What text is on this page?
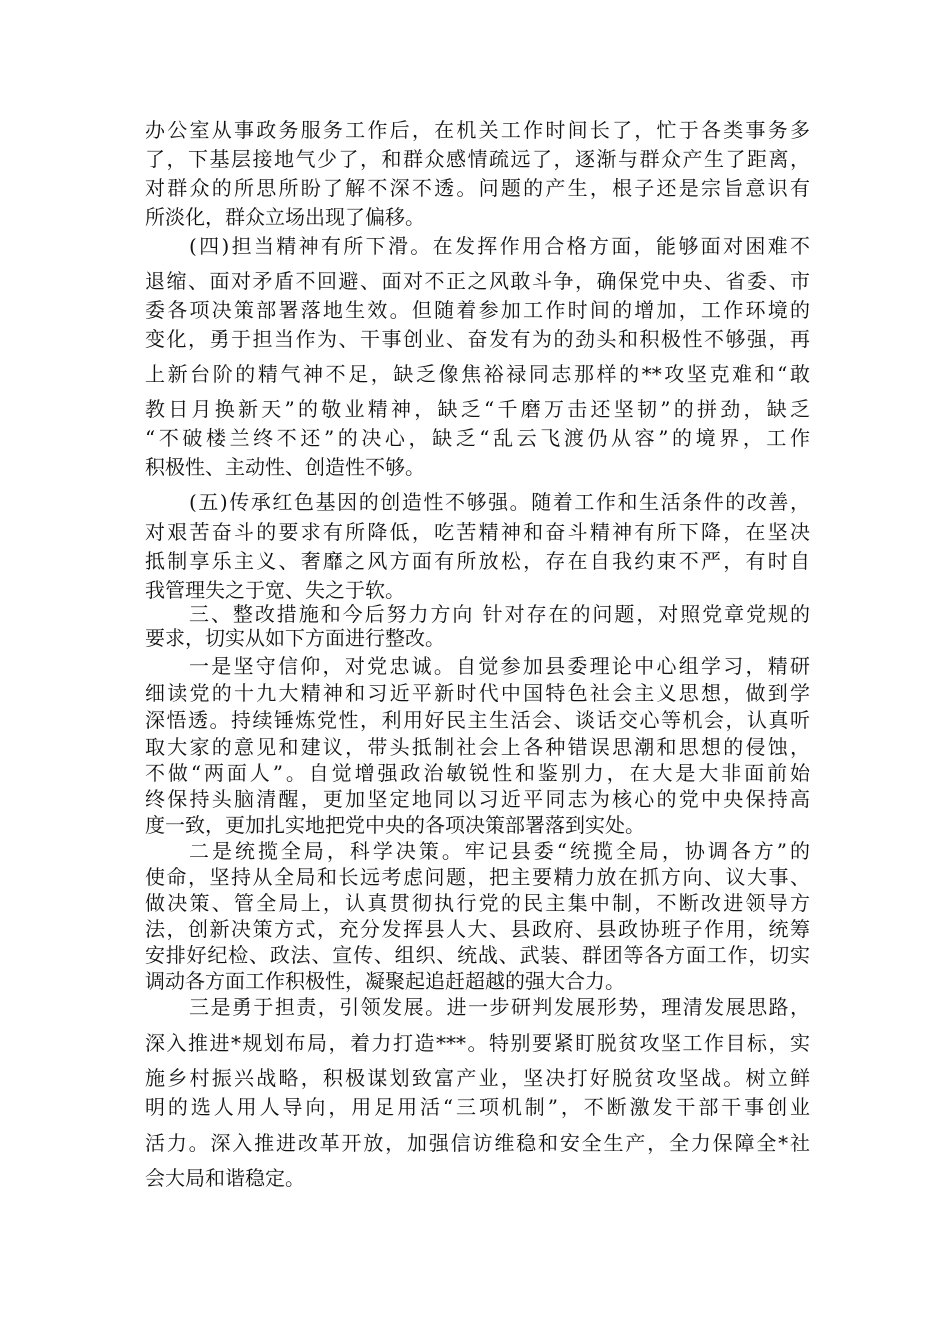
办公室从事政务服务工作后，在机关工作时间长了，忙于各类事务多
了，下基层接地气少了，和群众感情疏远了，逐渐与群众产生了距离，
对群众的所思所盼了解不深不透。问题的产生，根子还是宗旨意识有
所淡化，群众立场出现了偏移。
(四)担当精神有所下滑。在发挥作用合格方面，能够面对困难不
退缩、面对矛盾不回避、面对不正之风敢斗争，确保党中央、省委、市
委各项决策部署落地生效。但随着参加工作时间的增加，工作环境的
变化，勇于担当作为、干事创业、奋发有为的劲头和积极性不够强，再
上新台阶的精气神不足，缺乏像焦裕禄同志那样的**攻坚克难和“敢
教日月换新天”的敬业精神，缺乏“千磨万击还坚韧”的拼劲，缺乏
“不破楼兰终不还”的决心，缺乏“乱云飞渡仍从容”的境界，工作
积极性、主动性、创造性不够。
(五)传承红色基因的创造性不够强。随着工作和生活条件的改善，
对艰苦奋斗的要求有所降低，吃苦精神和奋斗精神有所下降，在坚决
抵制享乐主义、奢靡之风方面有所放松，存在自我约束不严，有时自
我管理失之于宽、失之于软。
三、整改措施和今后努力方向 针对存在的问题，对照党章党规的
要求，切实从如下方面进行整改。
一是坚守信仰，对党忠诚。自觉参加县委理论中心组学习，精研
细读党的十九大精神和习近平新时代中国特色社会主义思想，做到学
深悟透。持续锤炼党性，利用好民主生活会、谈话交心等机会，认真听
取大家的意见和建议，带头抵制社会上各种错误思潮和思想的侵蚀，
不做“两面人”。自觉增强政治敏锐性和鉴别力，在大是大非面前始
终保持头脑清醒，更加坚定地同以习近平同志为核心的党中央保持高
度一致，更加扎实地把党中央的各项决策部署落到实处。
二是统揽全局，科学决策。牢记县委“统揽全局，协调各方”的
使命，坚持从全局和长远考虑问题，把主要精力放在抓方向、议大事、
做决策、管全局上，认真贯彻执行党的民主集中制，不断改进领导方
法，创新决策方式，充分发挥县人大、县政府、县政协班子作用，统筹
安排好纪检、政法、宣传、组织、统战、武装、群团等各方面工作，切实
调动各方面工作积极性，凝聚起追赶超越的强大合力。
三是勇于担责，引领发展。进一步研判发展形势，理清发展思路，
深入推进*规划布局，着力打造***。特别要紧盯脱贫攻坚工作目标，实
施乡村振兴战略，积极谋划致富产业，坚决打好脱贫攻坚战。树立鲜
明的选人用人导向，用足用活“三项机制”，不断激发干部干事创业
活力。深入推进改革开放，加强信访维稳和安全生产，全力保障全*社
会大局和谐稳定。
